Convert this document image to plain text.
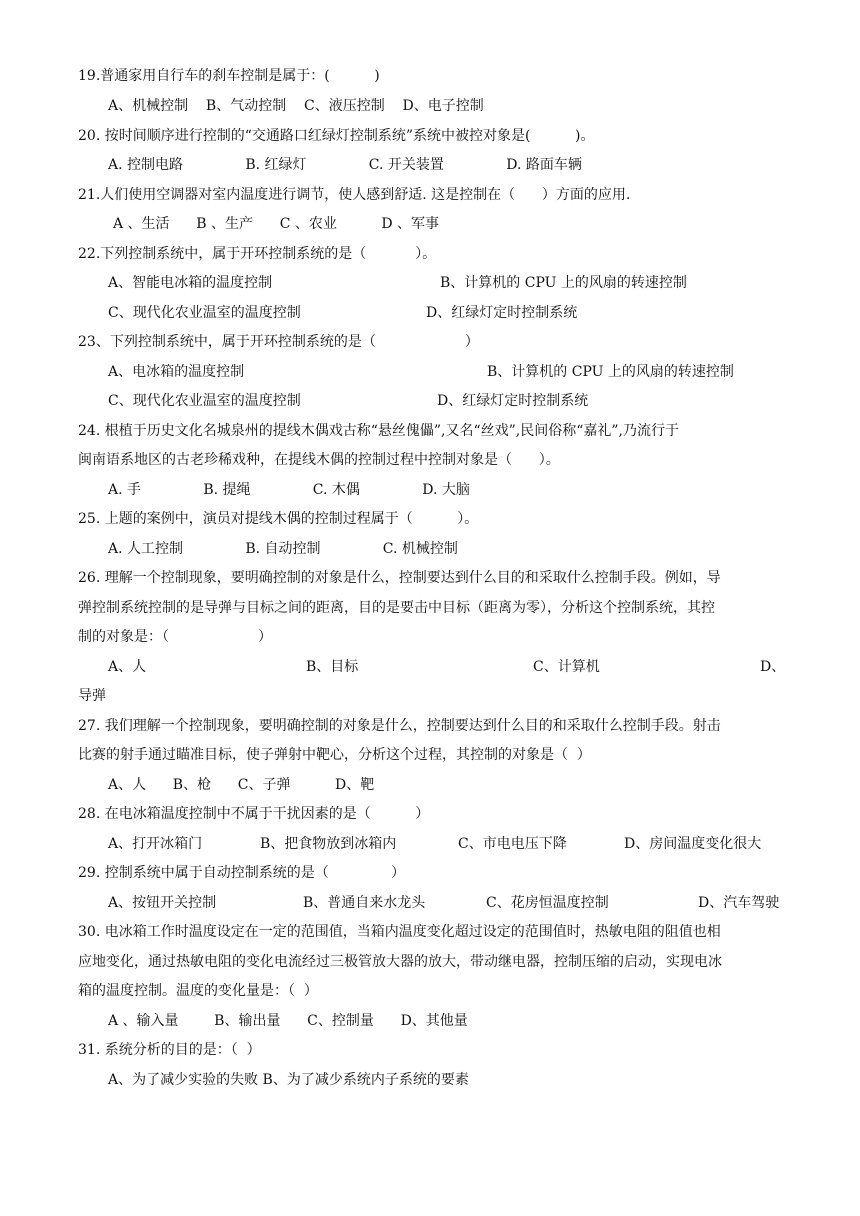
19.普通家用自行车的刹车控制是属于：(          )
A、机械控制    B、气动控制    C、液压控制    D、电子控制
20. 按时间顺序进行控制的“交通路口红绿灯控制系统”系统中被控对象是(          )。
A. 控制电路              B. 红绿灯              C. 开关装置              D. 路面车辆
21.人们使用空调器对室内温度进行调节，使人感到舒适. 这是控制在（      ）方面的应用.
A 、生活      B 、生产      C 、农业          D 、军事
22.下列控制系统中，属于开环控制系统的是（           ）。
A、智能电冰箱的温度控制	B、计算机的 CPU 上的风扇的转速控制
C、现代化农业温室的温度控制	D、红绿灯定时控制系统
23、下列控制系统中，属于开环控制系统的是（                    ）
A、电冰箱的温度控制	B、计算机的 CPU 上的风扇的转速控制
C、现代化农业温室的温度控制	D、红绿灯定时控制系统
24. 根植于历史文化名城泉州的提线木偶戏古称“悬丝傀儡”,又名“丝戏”,民间俗称“嘉礼”,乃流行于
闽南语系地区的古老珍稀戏种，在提线木偶的控制过程中控制对象是（      ）。
A. 手              B. 提绳              C. 木偶              D. 大脑
25. 上题的案例中，演员对提线木偶的控制过程属于（          ）。
A. 人工控制              B. 自动控制              C. 机械控制
26. 理解一个控制现象，要明确控制的对象是什么，控制要达到什么目的和采取什么控制手段。例如，导
弹控制系统控制的是导弹与目标之间的距离，目的是要击中目标（距离为零），分析这个控制系统，其控
制的对象是：（                    ）
A、人	B、目标	C、计算机	D、
导弹
27. 我们理解一个控制现象，要明确控制的对象是什么，控制要达到什么目的和采取什么控制手段。射击
比赛的射手通过瞄准目标，使子弹射中靶心，分析这个过程，其控制的对象是（  ）
A、人      B、枪      C、子弹          D、靶
28. 在电冰箱温度控制中不属于干扰因素的是（          ）
A、打开冰箱门	B、把食物放到冰箱内	C、市电电压下降	D、房间温度变化很大
29. 控制系统中属于自动控制系统的是（              ）
A、按钮开关控制	B、普通自来水龙头	C、花房恒温度控制	D、汽车驾驶
30. 电冰箱工作时温度设定在一定的范围值，当箱内温度变化超过设定的范围值时，热敏电阻的阻值也相
应地变化，通过热敏电阻的变化电流经过三极管放大器的放大，带动继电器，控制压缩的启动，实现电冰
箱的温度控制。温度的变化量是：（  ）
A 、输入量        B、输出量      C、控制量      D、其他量
31. 系统分析的目的是：（  ）
A、为了减少实验的失败 B、为了减少系统内子系统的要素
